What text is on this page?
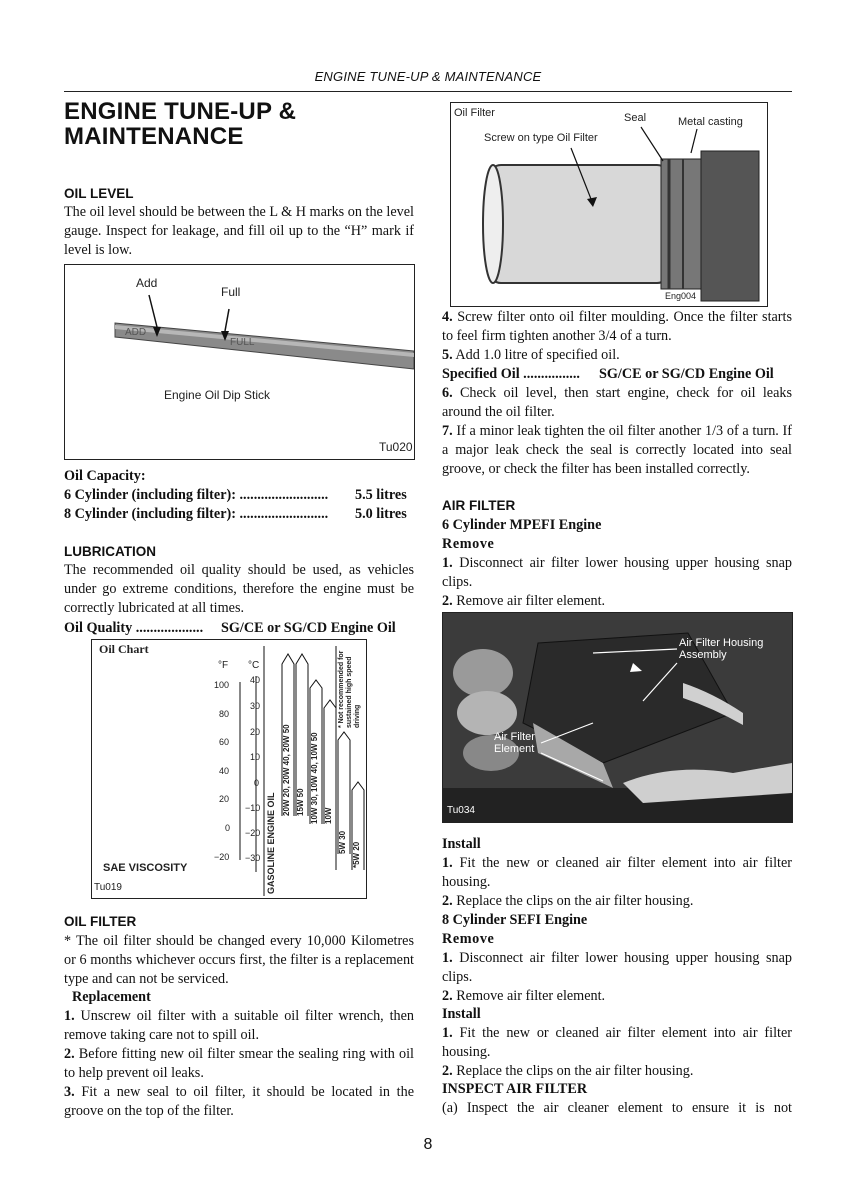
ENGINE TUNE-UP & MAINTENANCE
ENGINE TUNE-UP &
MAINTENANCE
OIL LEVEL

The oil level should be between the L & H marks on the level gauge. Inspect for leakage, and fill oil up to the “H” mark if level is low.

ADD
FULL
Add
Full
Engine Oil Dip Stick
Tu020
Oil Capacity:
6 Cylinder (including filter): ......................... 5.5 litres
8 Cylinder (including filter): ......................... 5.0 litres
LUBRICATION

The recommended oil quality should be used, as vehicles under go extreme conditions, therefore the engine must be correctly lubricated at all times.

Oil Quality ................... SG/CE or SG/CD Engine Oil
Oil Chart
°F °C
100
80
60
40
20
0
−20
40
30
20
10
0
−10
−20
−30
10W
5W 30
GASOLINE ENGINE OIL
* Not recommended for sustained high speed driving
SAE VISCOSITY
Tu019
OIL FILTER

* The oil filter should be changed every 10,000 Kilometres or 6 months whichever occurs first, the filter is a replacement type and can not be serviced.

Replacement

1. Unscrew oil filter with a suitable oil filter wrench, then remove taking care not to spill oil.

2. Before fitting new oil filter smear the sealing ring with oil to help prevent oil leaks.

3. Fit a new seal to oil filter, it should be located in the groove on the top of the filter.

Oil Filter	Seal	Metal casting
Screw on type Oil Filter
Eng004

4. Screw filter onto oil filter moulding. Once the filter starts to feel firm tighten another 3/4 of a turn.

5. Add 1.0 litre of specified oil.

Specified Oil ................ SG/CE or SG/CD Engine Oil

6. Check oil level, then start engine, check for oil leaks around the oil filter.

7. If a minor leak tighten the oil filter another 1/3 of a turn. If a major leak check the seal is correctly located into seal groove, or check the filter has been installed correctly.

AIR FILTER
6 Cylinder MPEFI Engine
Remove

1. Disconnect air filter lower housing upper housing snap clips.

2. Remove air filter element.

Air Filter Housing Assembly
Air Filter Element
Tu034
Install

1. Fit the new or cleaned air filter element into air filter housing.

2. Replace the clips on the air filter housing.

8 Cylinder SEFI Engine
Remove

1. Disconnect air filter lower housing upper housing snap clips.

2. Remove air filter element.

Install

1. Fit the new or cleaned air filter element into air filter housing.

2. Replace the clips on the air filter housing.

INSPECT AIR FILTER

(a) Inspect the air cleaner element to ensure it is not

8
